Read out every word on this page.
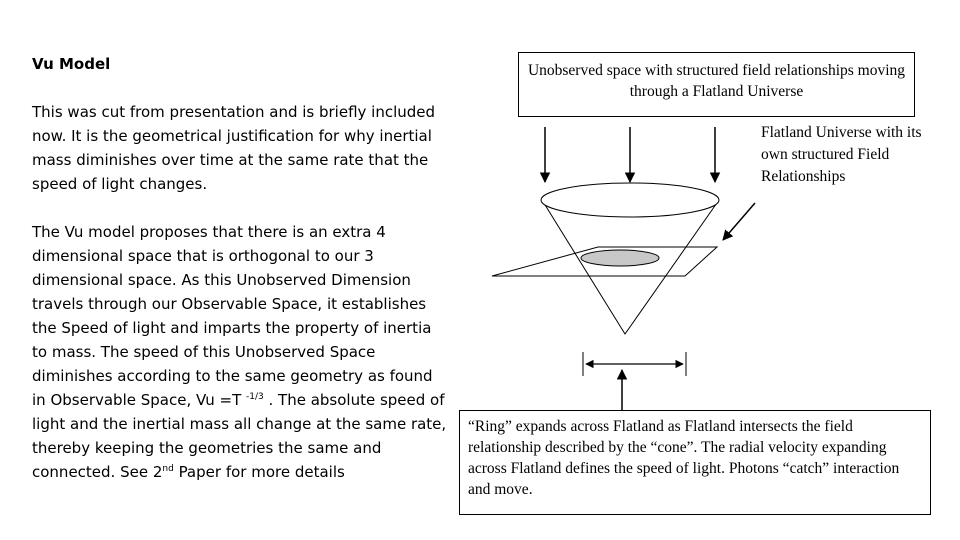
Vu Model

This was cut from presentation and is briefly included now. It is the geometrical justification for why inertial mass diminishes over time at the same rate that the speed of light changes.

The Vu model proposes that there is an extra 4 dimensional space that is orthogonal to our 3 dimensional space. As this Unobserved Dimension travels through our Observable Space, it establishes the Speed of light and imparts the property of inertia to mass. The speed of this Unobserved Space diminishes according to the same geometry as found in Observable Space, Vu =T $^{-1/3}$ . The absolute speed of light and the inertial mass all change at the same rate, thereby keeping the geometries the same and connected. See 2nd Paper for more details

Unobserved space with structured field relationships moving through a Flatland Universe
Flatland Universe with its own structured Field Relationships
“Ring” expands across Flatland as Flatland intersects the field relationship described by the “cone”. The radial velocity expanding across Flatland defines the speed of light. Photons “catch” interaction and move.
